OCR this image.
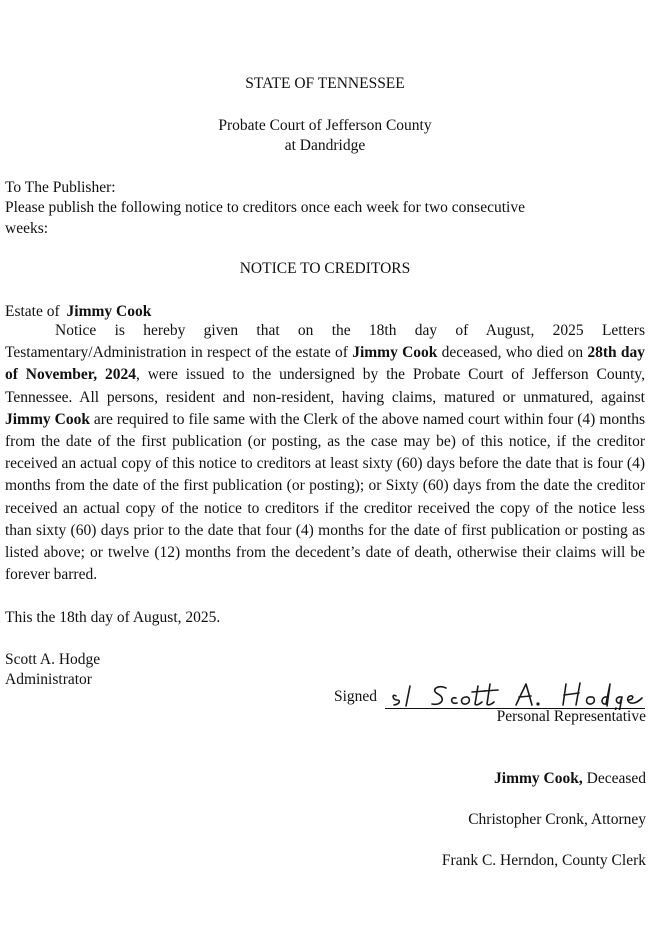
STATE OF TENNESSEE
Probate Court of Jefferson County
at Dandridge
To The Publisher:
Please publish the following notice to creditors once each week for two consecutive
weeks:
NOTICE TO CREDITORS
Estate of Jimmy Cook
Notice is hereby given that on the 18th day of August, 2025 Letters Testamentary/Administration in respect of the estate of Jimmy Cook deceased, who died on 28th day of November, 2024, were issued to the undersigned by the Probate Court of Jefferson County, Tennessee. All persons, resident and non-resident, having claims, matured or unmatured, against Jimmy Cook are required to file same with the Clerk of the above named court within four (4) months from the date of the first publication (or posting, as the case may be) of this notice, if the creditor received an actual copy of this notice to creditors at least sixty (60) days before the date that is four (4) months from the date of the first publication (or posting); or Sixty (60) days from the date the creditor received an actual copy of the notice to creditors if the creditor received the copy of the notice less than sixty (60) days prior to the date that four (4) months for the date of first publication or posting as listed above; or twelve (12) months from the decedent’s date of death, otherwise their claims will be forever barred.
This the 18th day of August, 2025.
Scott A. Hodge
Administrator
Signed
Personal Representative
Jimmy Cook, Deceased
Christopher Cronk, Attorney
Frank C. Herndon, County Clerk
